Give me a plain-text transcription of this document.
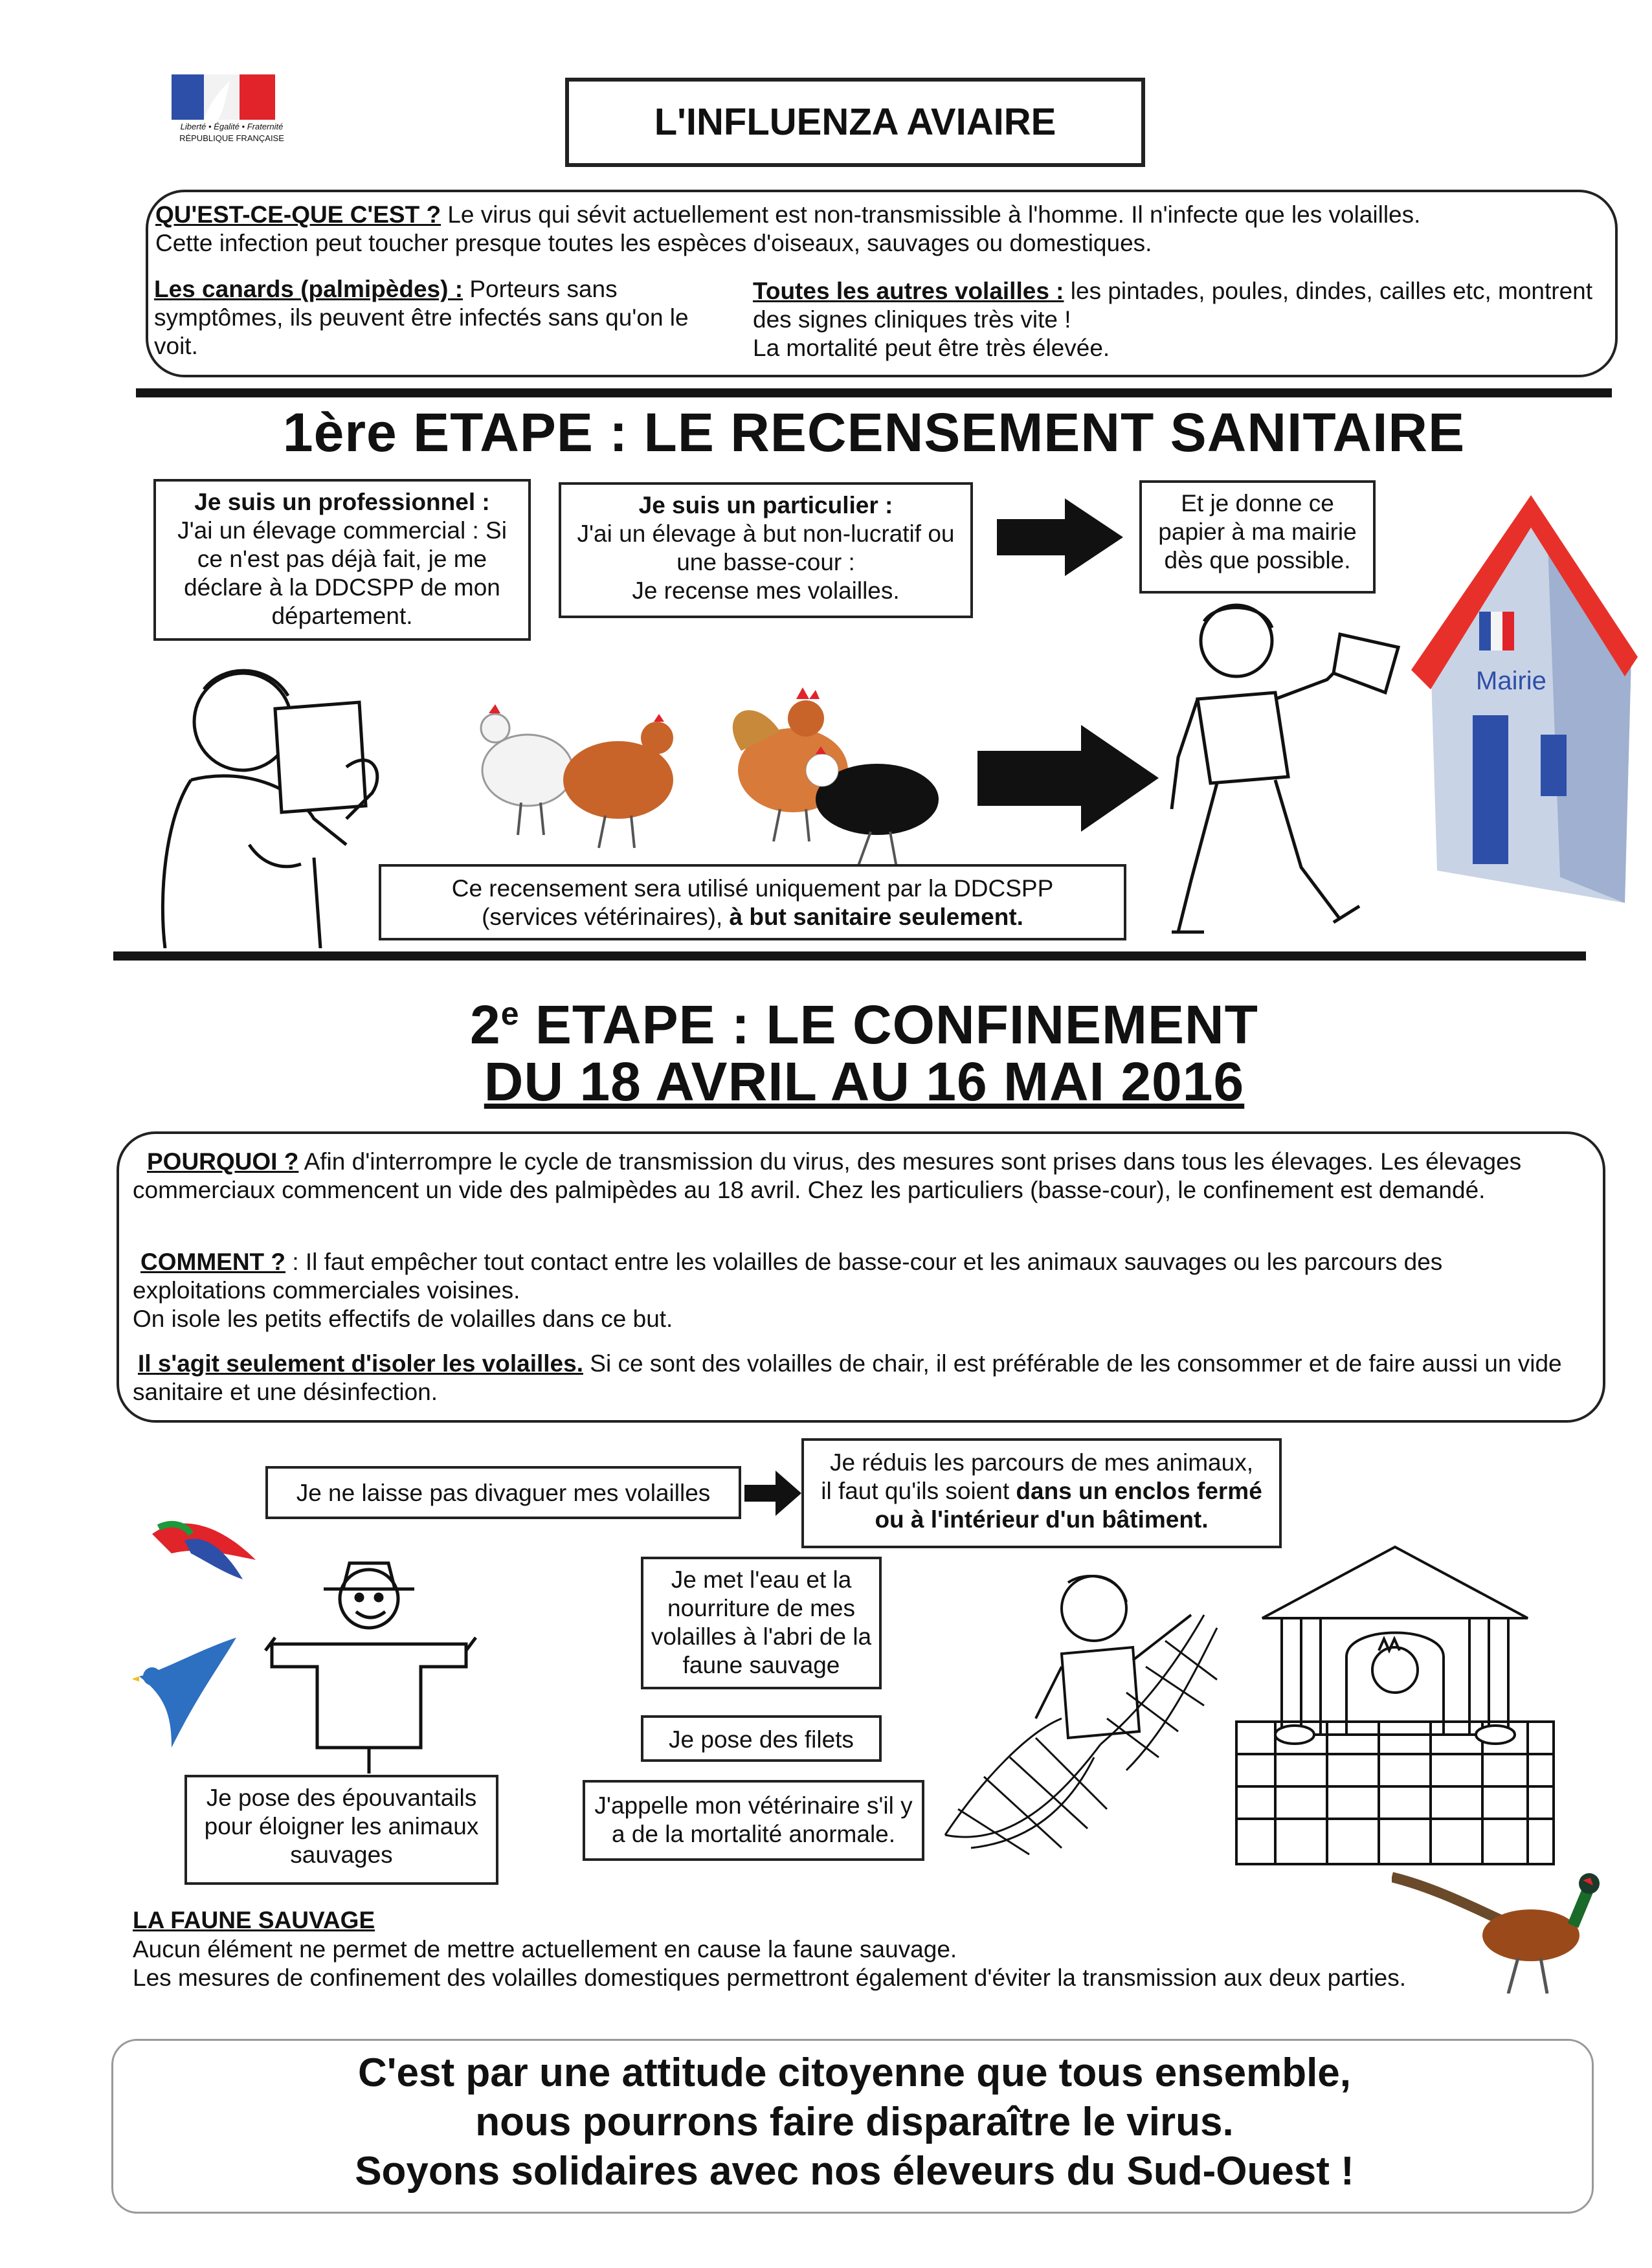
Liberté • Égalité • Fraternité
RÉPUBLIQUE FRANÇAISE	L'INFLUENZA AVIAIRE
QU'EST-CE-QUE C'EST ? Le virus qui sévit actuellement est non-transmissible à l'homme. Il n'infecte que les volailles.
Cette infection peut toucher presque toutes les espèces d'oiseaux, sauvages ou domestiques.
Les canards (palmipèdes) : Porteurs sans symptômes, ils peuvent être infectés sans qu'on le voit.
Toutes les autres volailles : les pintades, poules, dindes, cailles etc, montrent des signes cliniques très vite !
La mortalité peut être très élevée.
1ère ETAPE : LE RECENSEMENT SANITAIRE
Je suis un professionnel :
J'ai un élevage commercial : Si ce n'est pas déjà fait, je me déclare à la DDCSPP de mon département.
Je suis un particulier :
J'ai un élevage à but non-lucratif ou une basse-cour :
Je recense mes volailles.
Et je donne ce papier à ma mairie dès que possible.
Mairie
Ce recensement sera utilisé uniquement par la DDCSPP
(services vétérinaires), à but sanitaire seulement.
2e ETAPE : LE CONFINEMENT
DU 18 AVRIL AU 16 MAI 2016
POURQUOI ? Afin d'interrompre le cycle de transmission du virus, des mesures sont prises dans tous les élevages. Les élevages commerciaux commencent un vide des palmipèdes au 18 avril. Chez les particuliers (basse-cour), le confinement est demandé.
COMMENT ? : Il faut empêcher tout contact entre les volailles de basse-cour et les animaux sauvages ou les parcours des exploitations commerciales voisines.
On isole les petits effectifs de volailles dans ce but.
Il s'agit seulement d'isoler les volailles. Si ce sont des volailles de chair, il est préférable de les consommer et de faire aussi un vide sanitaire et une désinfection.
Je ne laisse pas divaguer mes volailles
Je réduis les parcours de mes animaux,
il faut qu'ils soient dans un enclos fermé ou à l'intérieur d'un bâtiment.
Je pose des épouvantails pour éloigner les animaux sauvages
Je met l'eau et la nourriture de mes volailles à l'abri de la faune sauvage
Je pose des filets
J'appelle mon vétérinaire s'il y a de la mortalité anormale.
LA FAUNE SAUVAGE
Aucun élément ne permet de mettre actuellement en cause la faune sauvage.
Les mesures de confinement des volailles domestiques permettront également d'éviter la transmission aux deux parties.
C'est par une attitude citoyenne que tous ensemble,
nous pourrons faire disparaître le virus.
Soyons solidaires avec nos éleveurs du Sud-Ouest !
